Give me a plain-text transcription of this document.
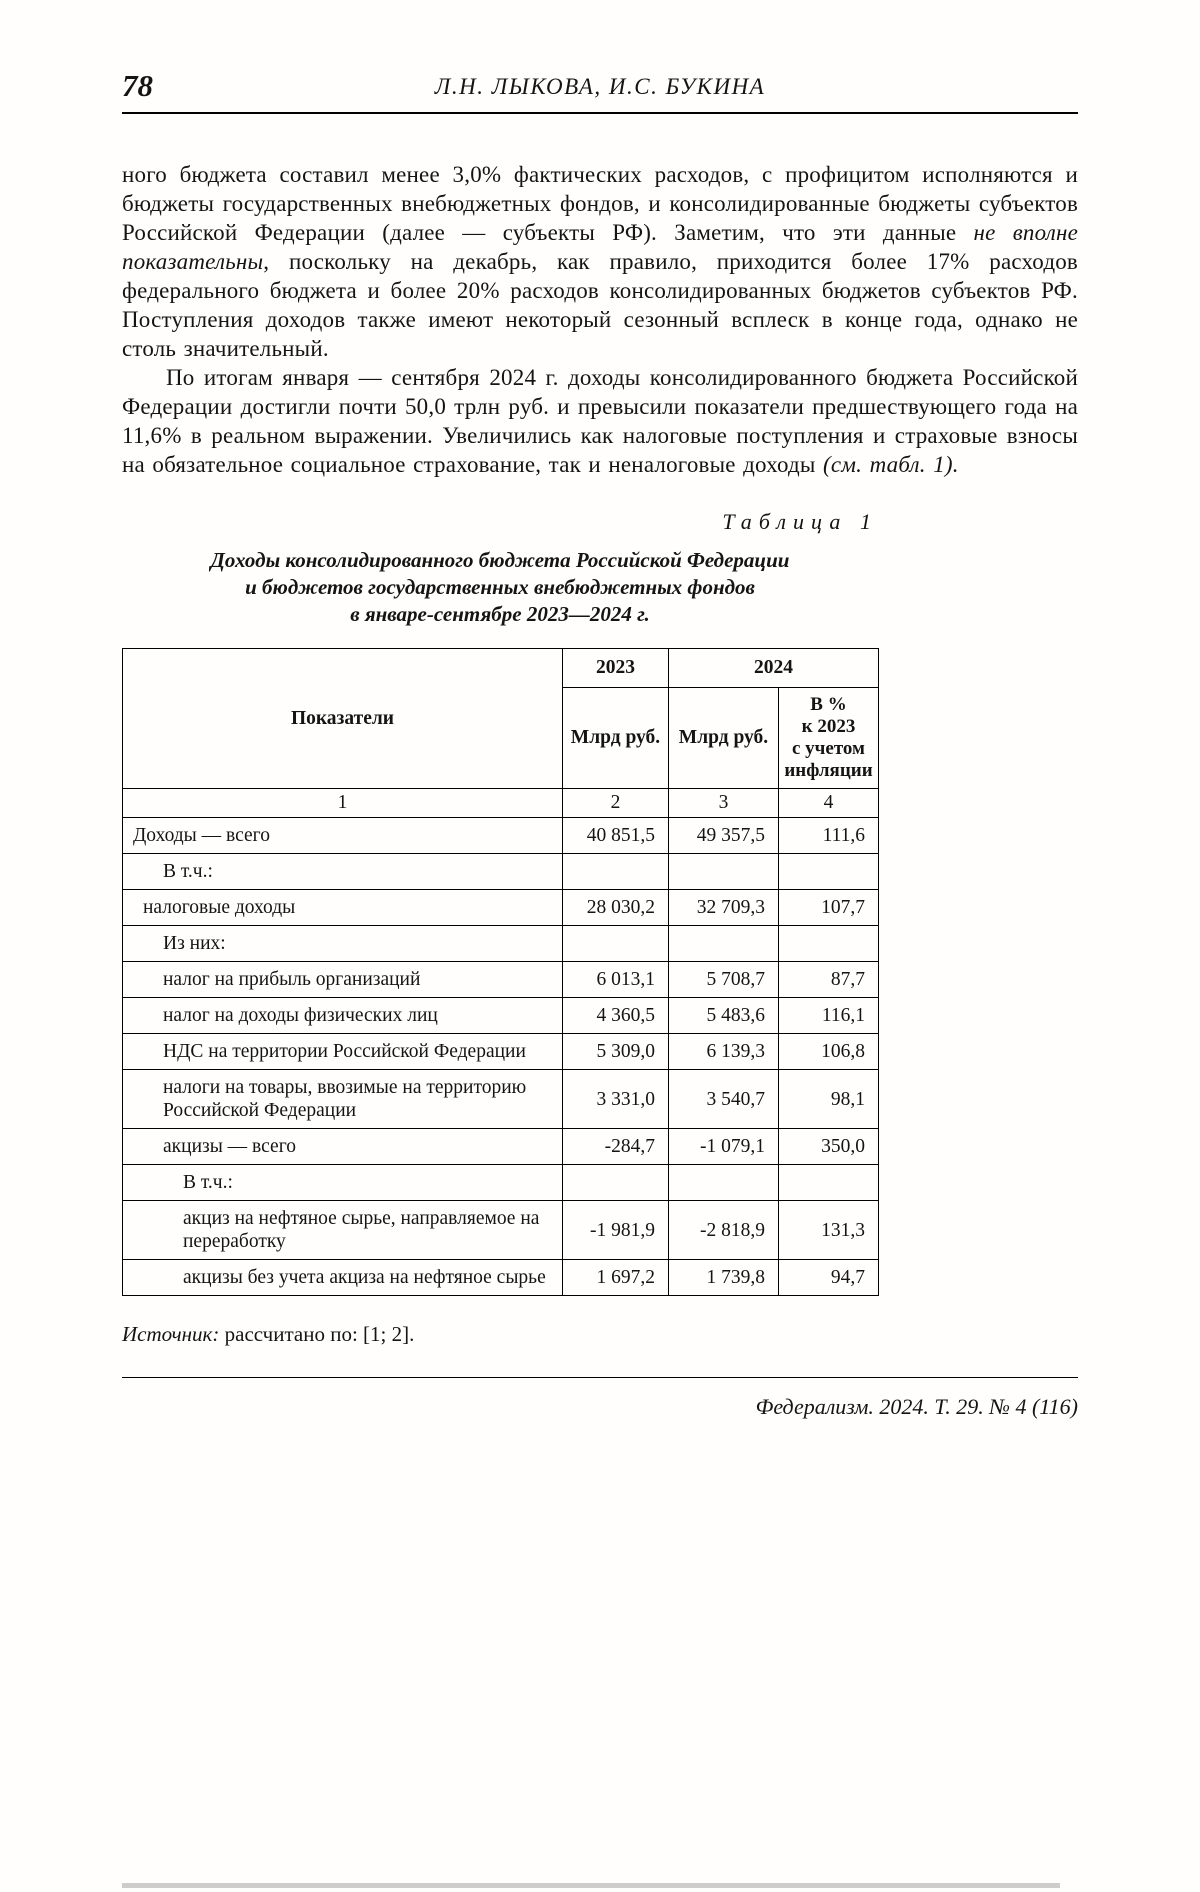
78	Л.Н. ЛЫКОВА, И.С. БУКИНА

ного бюджета составил менее 3,0% фактических расходов, с профицитом исполняются и бюджеты государственных внебюджетных фондов, и консолидированные бюджеты субъектов Российской Федерации (далее — субъекты РФ). Заметим, что эти данные не вполне показательны, поскольку на декабрь, как правило, приходится более 17% расходов федерального бюджета и более 20% расходов консолидированных бюджетов субъектов РФ. Поступления доходов также имеют некоторый сезонный всплеск в конце года, однако не столь значительный.

По итогам января — сентября 2024 г. доходы консолидированного бюджета Российской Федерации достигли почти 50,0 трлн руб. и превысили показатели предшествующего года на 11,6% в реальном выражении. Увеличились как налоговые поступления и страховые взносы на обязательное социальное страхование, так и неналоговые доходы (см. табл. 1).

Таблица 1
Доходы консолидированного бюджета Российской Федерации
и бюджетов государственных внебюджетных фондов
в январе-сентябре 2023—2024 г.
Показатели	2023	2024	
	Млрд руб.	Млрд руб.	В %
к 2023
с учетом
инфляции
1	2	3	4
Доходы — всего	40 851,5	49 357,5	111,6
В т.ч.:			
налоговые доходы	28 030,2	32 709,3	107,7
Из них:			
налог на прибыль организаций	6 013,1	5 708,7	87,7
налог на доходы физических лиц	4 360,5	5 483,6	116,1
НДС на территории Российской Федерации	5 309,0	6 139,3	106,8
налоги на товары, ввозимые на территорию Российской Федерации	3 331,0	3 540,7	98,1
акцизы — всего	-284,7	-1 079,1	350,0
В т.ч.:			
акциз на нефтяное сырье, направляемое на переработку	-1 981,9	-2 818,9	131,3
акцизы без учета акциза на нефтяное сырье	1 697,2	1 739,8	94,7

Источник: рассчитано по: [1; 2].

Федерализм. 2024. Т. 29. № 4 (116)
